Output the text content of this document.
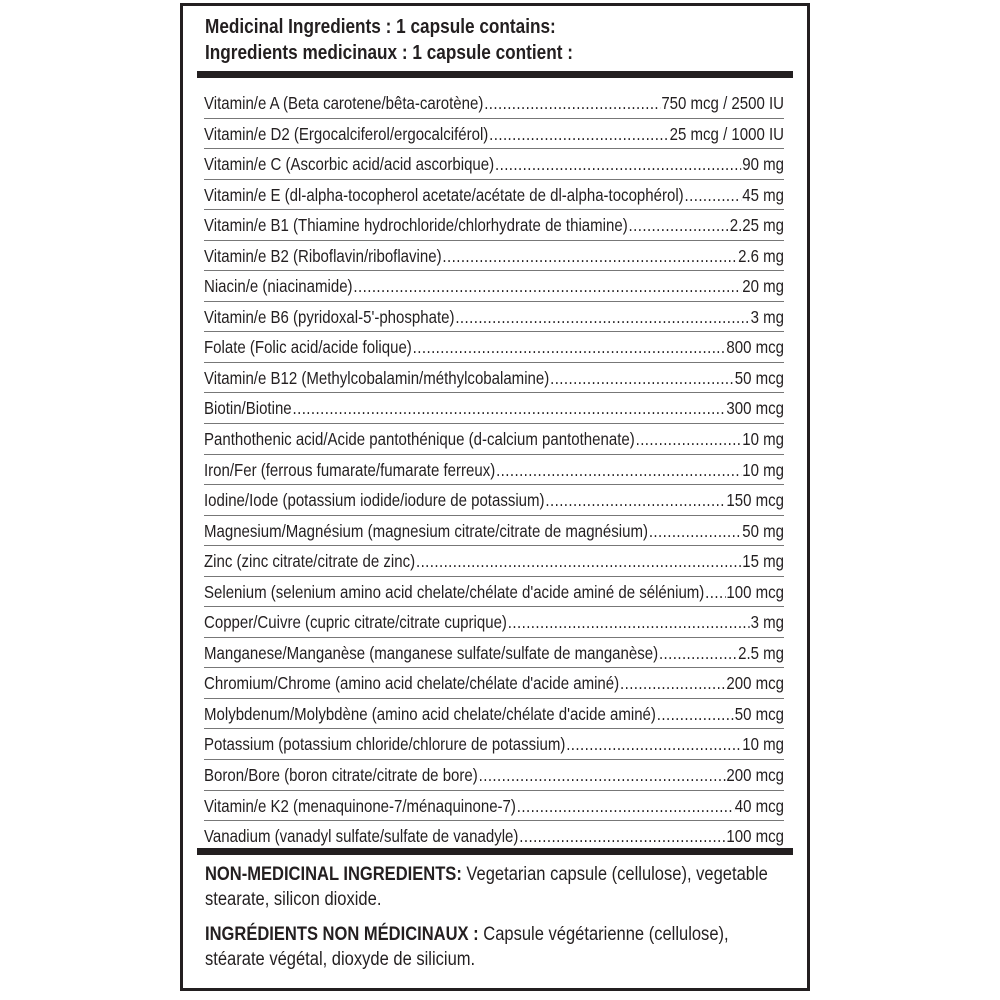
Medicinal Ingredients : 1 capsule contains:
Ingredients medicinaux : 1 capsule contient :
Vitamin/e A (Beta carotene/bêta-carotène) .....	750 mcg / 2500 IU
Vitamin/e D2 (Ergocalciferol/ergocalciférol) .....	25 mcg / 1000 IU
Vitamin/e C (Ascorbic acid/acid ascorbique) .....	90 mg
Vitamin/e E (dl-alpha-tocopherol acetate/acétate de dl-alpha-tocophérol) .....	45 mg
Vitamin/e B1 (Thiamine hydrochloride/chlorhydrate de thiamine) .....	2.25 mg
Vitamin/e B2 (Riboflavin/riboflavine) .....	2.6 mg
Niacin/e (niacinamide) .....	20 mg
Vitamin/e B6 (pyridoxal-5'-phosphate) .....	3 mg
Folate (Folic acid/acide folique) .....	800 mcg
Vitamin/e B12 (Methylcobalamin/méthylcobalamine) .....	50 mcg
Biotin/Biotine .....	300 mcg
Panthothenic acid/Acide pantothénique (d-calcium pantothenate) .....	10 mg
Iron/Fer (ferrous fumarate/fumarate ferreux) .....	10 mg
Iodine/Iode (potassium iodide/iodure de potassium) .....	150 mcg
Magnesium/Magnésium (magnesium citrate/citrate de magnésium) .....	50 mg
Zinc (zinc citrate/citrate de zinc) .....	15 mg
Selenium (selenium amino acid chelate/chélate d'acide aminé de sélénium) ..... 100 mcg
Copper/Cuivre (cupric citrate/citrate cuprique) .....	3 mg
Manganese/Manganèse (manganese sulfate/sulfate de manganèse) .....	2.5 mg
Chromium/Chrome (amino acid chelate/chélate d'acide aminé) .....	200 mcg
Molybdenum/Molybdène (amino acid chelate/chélate d'acide aminé) .....	50 mcg
Potassium (potassium chloride/chlorure de potassium) .....	10 mg
Boron/Bore (boron citrate/citrate de bore) .....	200 mcg
Vitamin/e K2 (menaquinone-7/ménaquinone-7) .....	40 mcg
Vanadium (vanadyl sulfate/sulfate de vanadyle) .....	100 mcg

NON-MEDICINAL INGREDIENTS: Vegetarian capsule (cellulose), vegetable stearate, silicon dioxide.

INGRÉDIENTS NON MÉDICINAUX : Capsule végétarienne (cellulose), stéarate végétal, dioxyde de silicium.
